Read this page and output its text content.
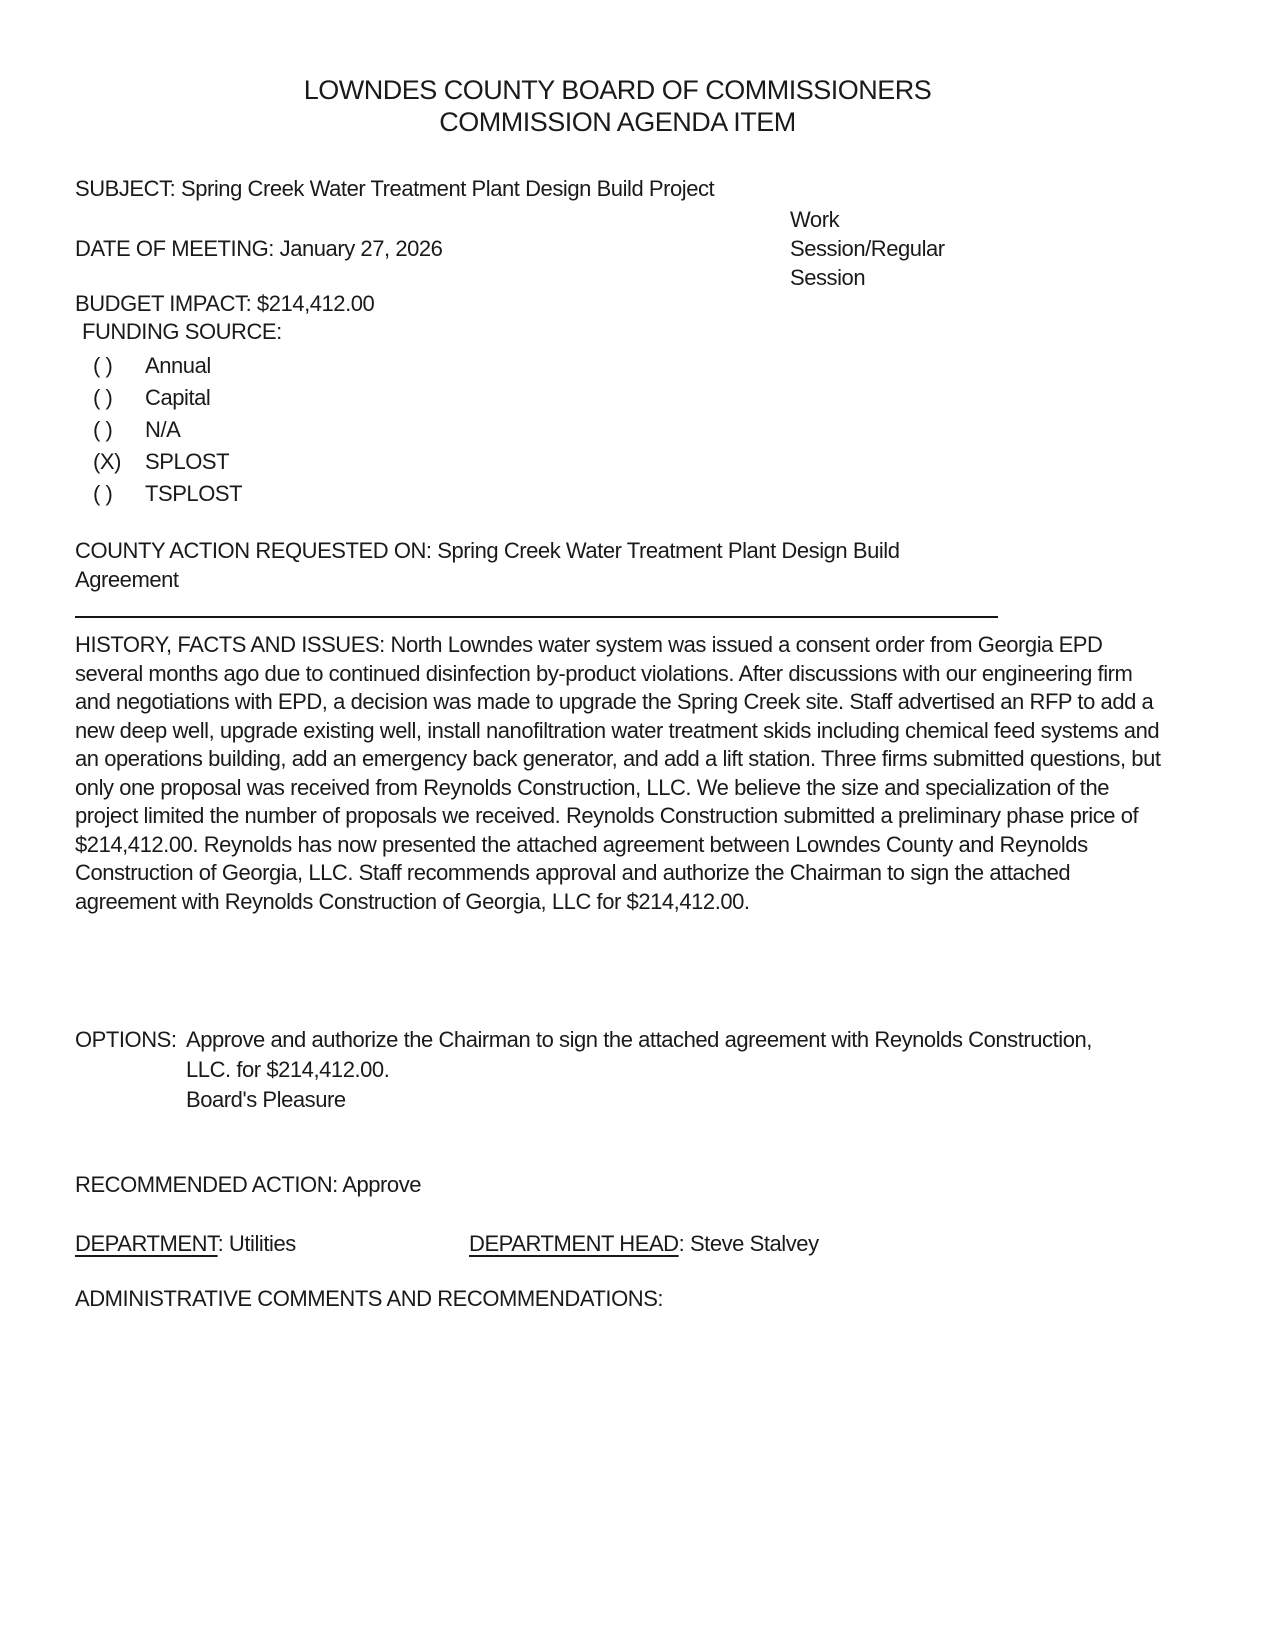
LOWNDES COUNTY BOARD OF COMMISSIONERS
COMMISSION AGENDA ITEM
SUBJECT: Spring Creek Water Treatment Plant Design Build Project
Work Session/Regular Session
DATE OF MEETING: January 27, 2026
BUDGET IMPACT: $214,412.00
FUNDING SOURCE:
( ) Annual
( ) Capital
( ) N/A
(X) SPLOST
( ) TSPLOST
COUNTY ACTION REQUESTED ON: Spring Creek Water Treatment Plant Design Build Agreement
HISTORY, FACTS AND ISSUES: North Lowndes water system was issued a consent order from Georgia EPD several months ago due to continued disinfection by-product violations. After discussions with our engineering firm and negotiations with EPD, a decision was made to upgrade the Spring Creek site. Staff advertised an RFP to add a new deep well, upgrade existing well, install nanofiltration water treatment skids including chemical feed systems and an operations building, add an emergency back generator, and add a lift station. Three firms submitted questions, but only one proposal was received from Reynolds Construction, LLC. We believe the size and specialization of the project limited the number of proposals we received. Reynolds Construction submitted a preliminary phase price of $214,412.00. Reynolds has now presented the attached agreement between Lowndes County and Reynolds Construction of Georgia, LLC. Staff recommends approval and authorize the Chairman to sign the attached agreement with Reynolds Construction of Georgia, LLC for $214,412.00.
OPTIONS: Approve and authorize the Chairman to sign the attached agreement with Reynolds Construction, LLC. for $214,412.00.
Board's Pleasure
RECOMMENDED ACTION: Approve
DEPARTMENT: Utilities	DEPARTMENT HEAD: Steve Stalvey
ADMINISTRATIVE COMMENTS AND RECOMMENDATIONS:
